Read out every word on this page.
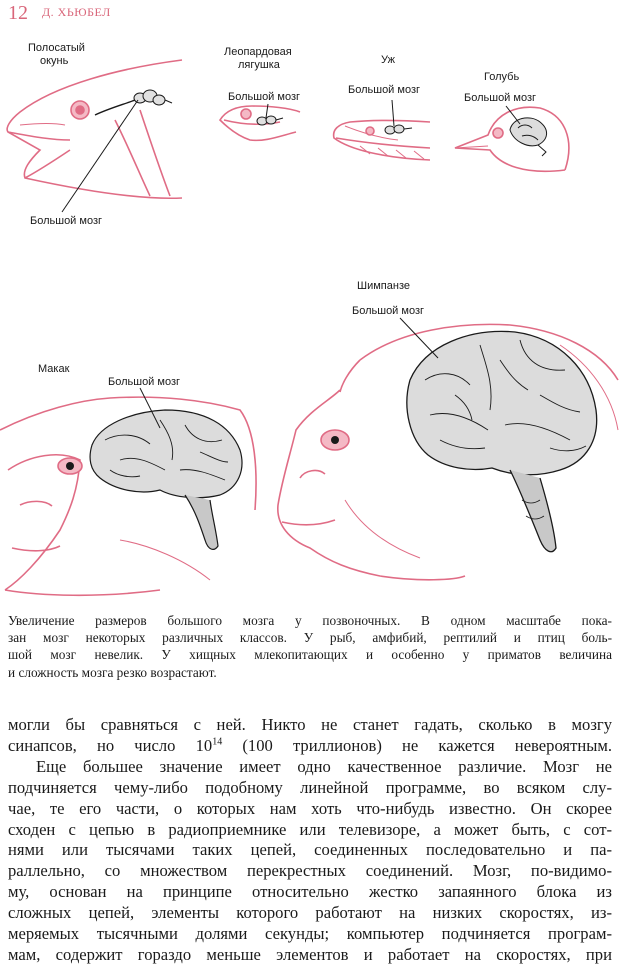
12 Д. ХЬЮБЕЛ
Полосатый
окунь
Большой мозг
Леопардовая
лягушка
Большой мозг
Уж
Большой мозг
Голубь
Большой мозг
Шимпанзе
Большой мозг
Макак
Большой мозг
Увеличение размеров большого мозга у позвоночных. В одном масштабе пока-
зан мозг некоторых различных классов. У рыб, амфибий, рептилий и птиц боль-
шой мозг невелик. У хищных млекопитающих и особенно у приматов величина
и сложность мозга резко возрастают.
могли бы сравняться с ней. Никто не станет гадать, сколько в мозгу
синапсов, но число $10^{14}$ (100 триллионов) не кажется невероятным.
Еще большее значение имеет одно качественное различие. Мозг не
подчиняется чему-либо подобному линейной программе, во всяком слу-
чае, те его части, о которых нам хоть что-нибудь известно. Он скорее
сходен с цепью в радиоприемнике или телевизоре, а может быть, с сот-
нями или тысячами таких цепей, соединенных последовательно и па-
раллельно, со множеством перекрестных соединений. Мозг, по-видимо-
му, основан на принципе относительно жестко запаянного блока из
сложных цепей, элементы которого работают на низких скоростях, из-
меряемых тысячными долями секунды; компьютер подчиняется програм-
мам, содержит гораздо меньше элементов и работает на скоростях, при
